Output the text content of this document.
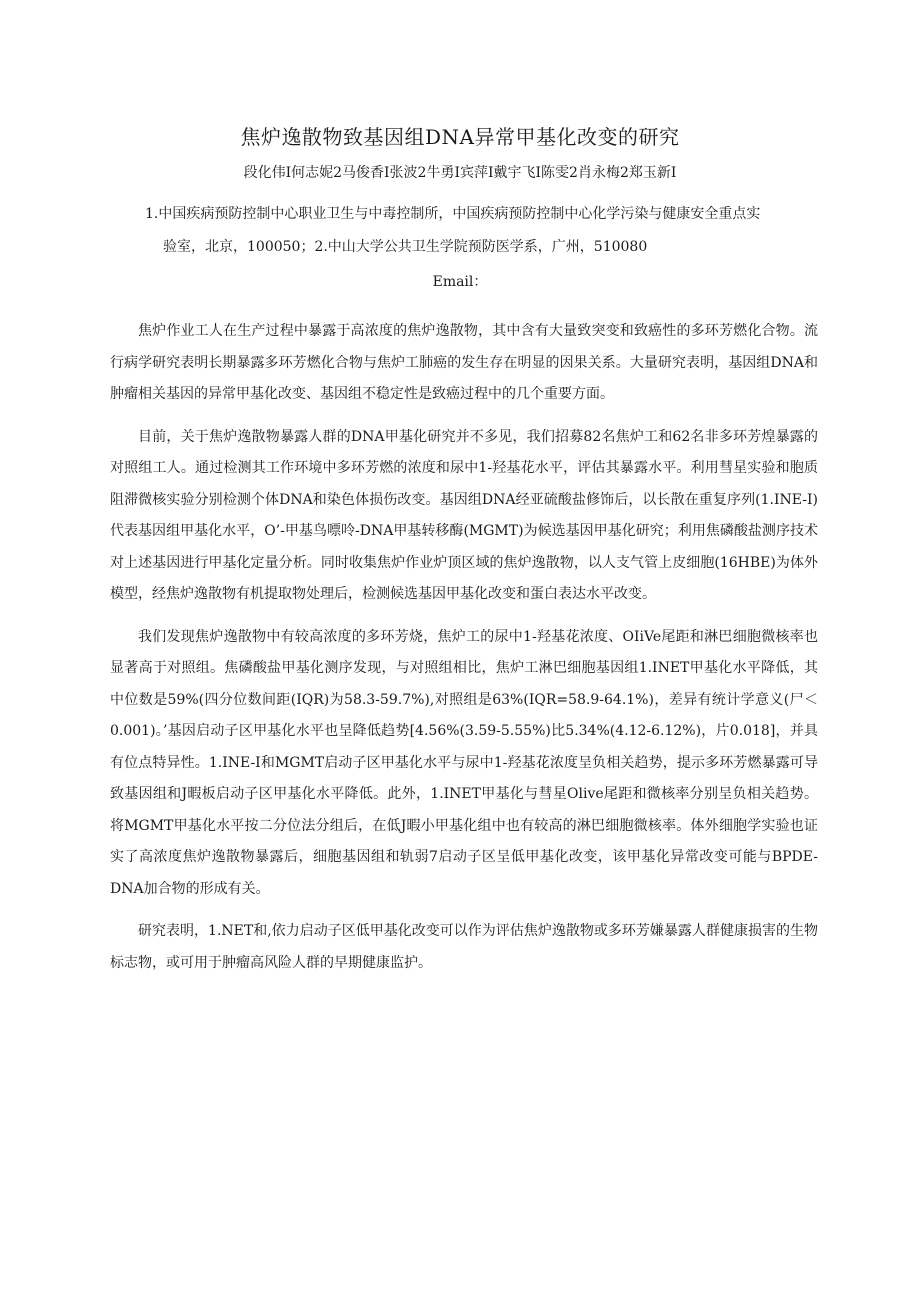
焦炉逸散物致基因组DNA异常甲基化改变的研究
段化伟I何志妮2马俊香I张波2牛勇I宾萍I戴宇飞I陈雯2肖永梅2郑玉新I
1.中国疾病预防控制中心职业卫生与中毒控制所，中国疾病预防控制中心化学污染与健康安全重点实
验室，北京，100050；2.中山大学公共卫生学院预防医学系，广州，510080
Email：

焦炉作业工人在生产过程中暴露于高浓度的焦炉逸散物，其中含有大量致突变和致癌性的多环芳燃化合物。流行病学研究表明长期暴露多环芳燃化合物与焦炉工肺癌的发生存在明显的因果关系。大量研究表明，基因组DNA和肿瘤相关基因的异常甲基化改变、基因组不稳定性是致癌过程中的几个重要方面。

目前，关于焦炉逸散物暴露人群的DNA甲基化研究并不多见，我们招募82名焦炉工和62名非多环芳煌暴露的对照组工人。通过检测其工作环境中多环芳燃的浓度和尿中1-羟基花水平，评估其暴露水平。利用彗星实验和胞质阻滞微核实验分别检测个体DNA和染色体损伤改变。基因组DNA经亚硫酸盐修饰后，以长散在重复序列(1.INE-I)代表基因组甲基化水平，O’-甲基鸟嘌呤-DNA甲基转移酶(MGMT)为候选基因甲基化研究；利用焦磷酸盐测序技术对上述基因进行甲基化定量分析。同时收集焦炉作业炉顶区域的焦炉逸散物，以人支气管上皮细胞(16HBE)为体外模型，经焦炉逸散物有机提取物处理后，检测候选基因甲基化改变和蛋白表达水平改变。

我们发现焦炉逸散物中有较高浓度的多环芳烧，焦炉工的尿中1-羟基花浓度、OIiVe尾距和淋巴细胞微核率也显著高于对照组。焦磷酸盐甲基化测序发现，与对照组相比，焦炉工淋巴细胞基因组1.INET甲基化水平降低，其中位数是59%(四分位数间距(IQR)为58.3-59.7%),对照组是63%(IQR=58.9-64.1%)，差异有统计学意义(尸＜0.001)。’基因启动子区甲基化水平也呈降低趋势[4.56%(3.59-5.55%)比5.34%(4.12-6.12%)，片0.018]，并具有位点特异性。1.INE-I和MGMT启动子区甲基化水平与尿中1-羟基花浓度呈负相关趋势，提示多环芳燃暴露可导致基因组和J暇板启动子区甲基化水平降低。此外，1.INET甲基化与彗星Olive尾距和微核率分别呈负相关趋势。将MGMT甲基化水平按二分位法分组后，在低J暇小甲基化组中也有较高的淋巴细胞微核率。体外细胞学实验也证实了高浓度焦炉逸散物暴露后，细胞基因组和轨弱7启动子区呈低甲基化改变，该甲基化异常改变可能与BPDE-DNA加合物的形成有关。

研究表明，1.NET和,依力启动子区低甲基化改变可以作为评估焦炉逸散物或多环芳嫌暴露人群健康损害的生物标志物，或可用于肿瘤高风险人群的早期健康监护。
